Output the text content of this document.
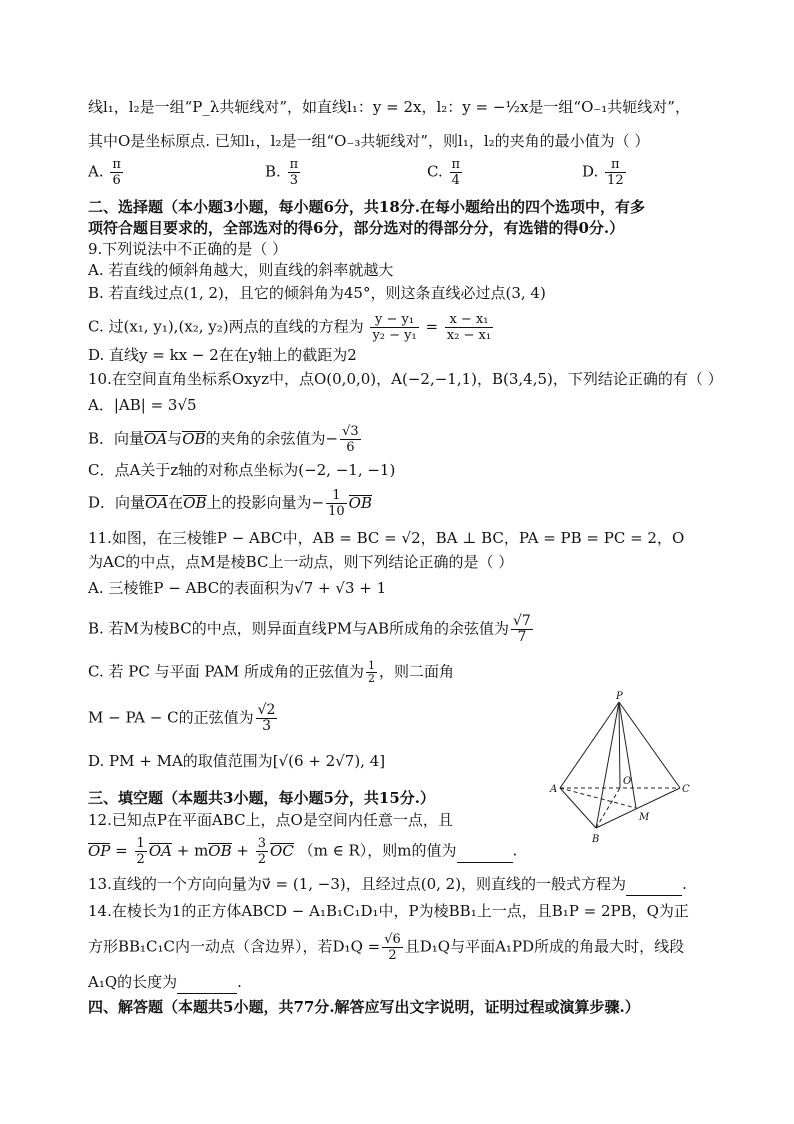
线l₁，l₂是一组“P_λ共轭线对”，如直线l₁：y = 2x，l₂：y = −½x是一组“O₋₁共轭线对”，
其中O是坐标原点. 已知l₁，l₂是一组“O₋₃共轭线对”，则l₁，l₂的夹角的最小值为（ ）
A. $\frac{\pi}{6}$	B. $\frac{\pi}{3}$	C. $\frac{\pi}{4}$	D. $\frac{\pi}{12}$
二、选择题（本小题3小题，每小题6分，共18分.在每小题给出的四个选项中，有多
项符合题目要求的，全部选对的得6分，部分选对的得部分分，有选错的得0分.）
9.下列说法中不正确的是（ ）
A. 若直线的倾斜角越大，则直线的斜率就越大
B. 若直线过点(1, 2)，且它的倾斜角为45°，则这条直线必过点(3, 4)
C. 过(x₁, y₁),(x₂, y₂)两点的直线的方程为 $\frac{\text{y − y₁}}{\text{y₂ − y₁}} = \frac{\text{x − x₁}}{\text{x₂ − x₁}}$
D. 直线y = kx − 2在在y轴上的截距为2
10.在空间直角坐标系Oxyz中，点O(0,0,0)，A(−2,−1,1)，B(3,4,5)，下列结论正确的有（ ）
A．|AB| = 3√5
B．向量OA与OB的夹角的余弦值为− $\frac{√3}{6}$
C．点A关于z轴的对称点坐标为(−2, −1, −1)
D．向量OA在OB上的投影向量为− $\frac{1}{10}$ OB
11.如图，在三棱锥P − ABC中，AB = BC = √2，BA ⊥ BC，PA = PB = PC = 2，O
为AC的中点，点M是棱BC上一动点，则下列结论正确的是（ ）
A. 三棱锥P − ABC的表面积为√7 + √3 + 1
B. 若M为棱BC的中点，则异面直线PM与AB所成角的余弦值为 $\frac{√7}{7}$
C. 若 PC 与平面 PAM 所成角的正弦值为 $\frac{1}{2}$ ，则二面角
M − PA − C的正弦值为 $\frac{√2}{3}$
D. PM + MA的取值范围为[√(6 + 2√7), 4]
P
A	C
O
M
B
三、填空题（本题共3小题，每小题5分，共15分.）
12.已知点P在平面ABC上，点O是空间内任意一点，且
OP = $\frac{1}{2}$ OA + mOB + $\frac{3}{2}$ OC （m ∈ R），则m的值为	.
13.直线的一个方向向量为v⃗ = (1, −3)，且经过点(0, 2)，则直线的一般式方程为	.
14.在棱长为1的正方体ABCD − A₁B₁C₁D₁中，P为棱BB₁上一点，且B₁P = 2PB，Q为正
方形BB₁C₁C内一动点（含边界），若$D_1Q = \frac{√6}{2}$ 且D₁Q与平面A₁PD所成的角最大时，线段
A₁Q的长度为	.
四、解答题（本题共5小题，共77分.解答应写出文字说明，证明过程或演算步骤.）
